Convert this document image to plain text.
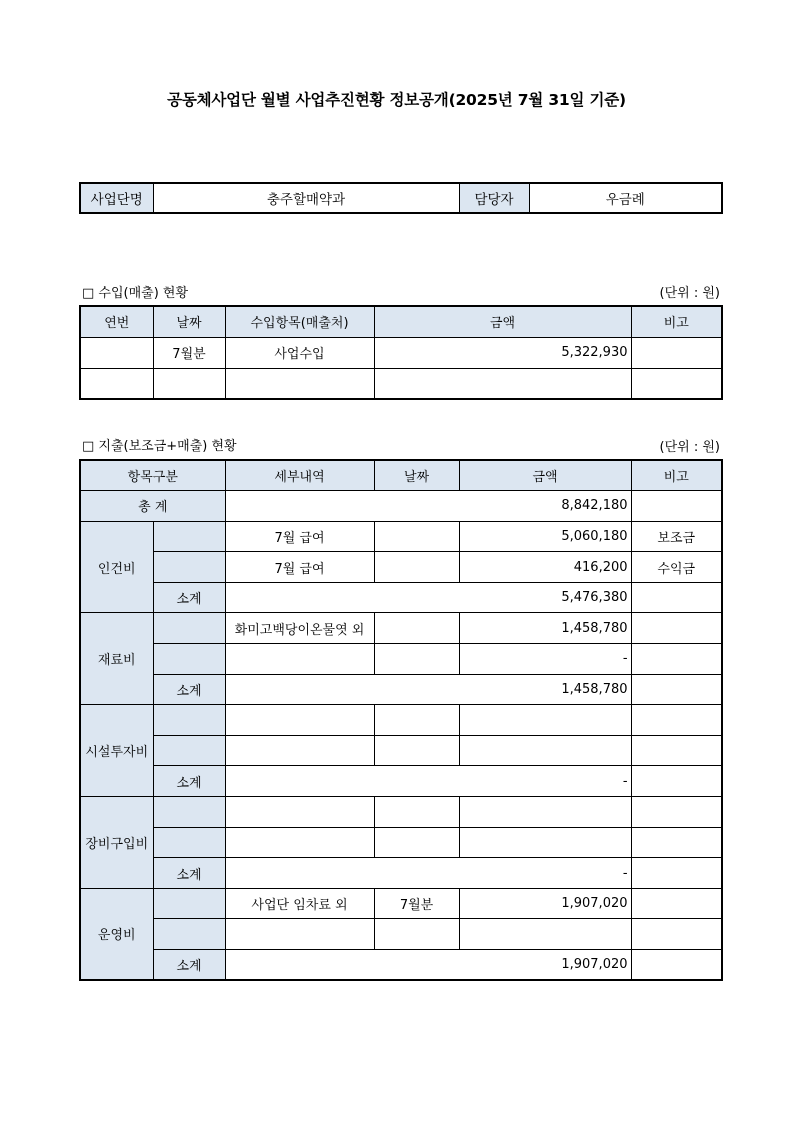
공동체사업단 월별 사업추진현황 정보공개(2025년 7월 31일 기준)
사업단명	충주할매약과	담당자	우금례
□ 수입(매출) 현황	(단위 : 원)
연번	날짜	수입항목(매출처)	금액	비고
	7월분	사업수입	5,322,930	

□ 지출(보조금+매출) 현황	(단위 : 원)
항목구분		세부내역	날짜	금액	비고
총 계		8,842,180			
인건비		7월 급여		5,060,180	보조금
		7월 급여		416,200	수익금
	소계	5,476,380			
재료비		화미고백당이온물엿 외		1,458,780	
				-	
	소계	1,458,780			
시설투자비					

	소계	-			
장비구입비					

	소계	-			
운영비		사업단 임차료 외	7월분	1,907,020	

	소계	1,907,020			
